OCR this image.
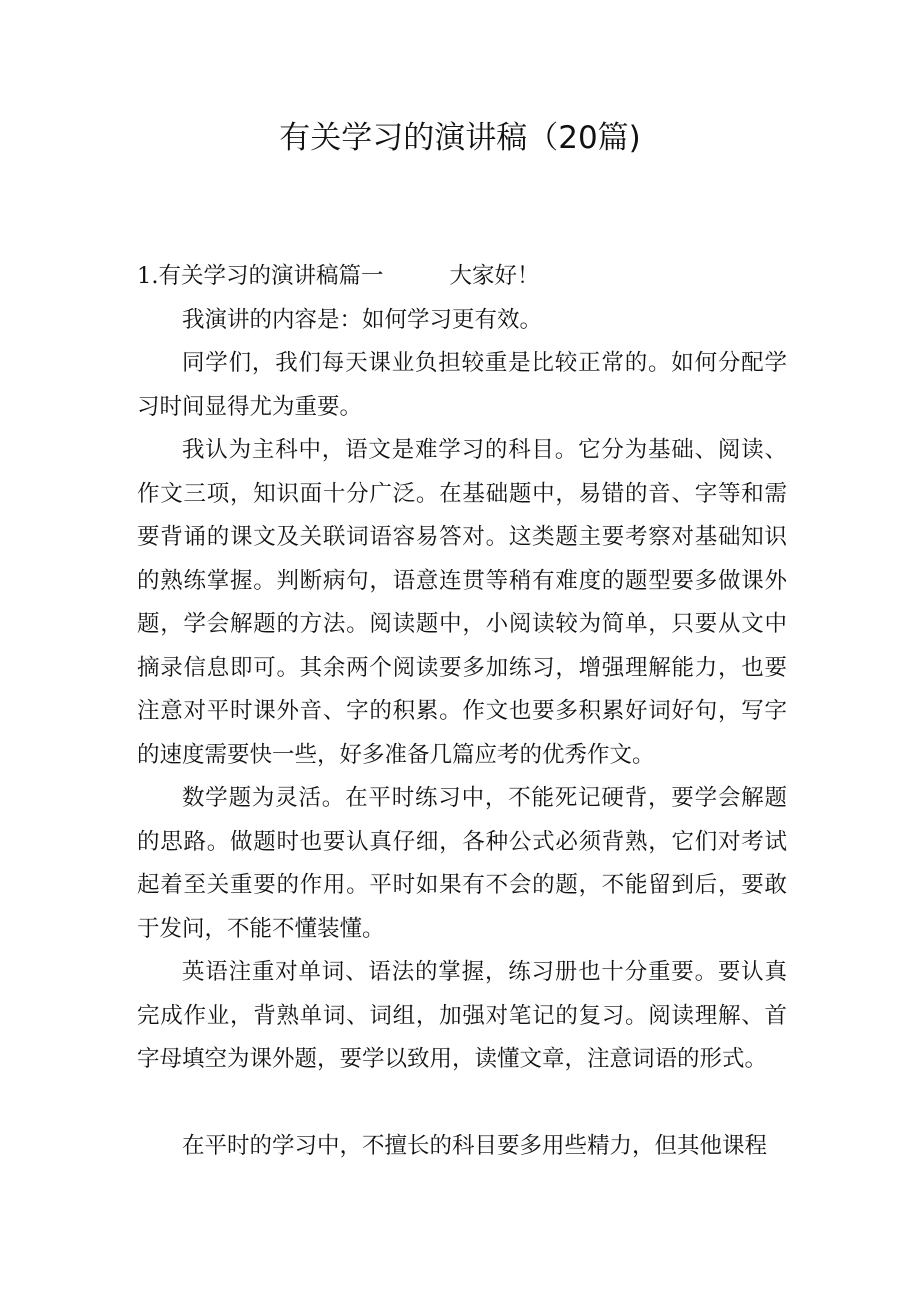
有关学习的演讲稿（20篇)

1.有关学习的演讲稿篇一	大家好！

我演讲的内容是：如何学习更有效。

同学们，我们每天课业负担较重是比较正常的。如何分配学习时间显得尤为重要。

我认为主科中，语文是难学习的科目。它分为基础、阅读、作文三项，知识面十分广泛。在基础题中，易错的音、字等和需要背诵的课文及关联词语容易答对。这类题主要考察对基础知识的熟练掌握。判断病句，语意连贯等稍有难度的题型要多做课外题，学会解题的方法。阅读题中，小阅读较为简单，只要从文中摘录信息即可。其余两个阅读要多加练习，增强理解能力，也要注意对平时课外音、字的积累。作文也要多积累好词好句，写字的速度需要快一些，好多准备几篇应考的优秀作文。

数学题为灵活。在平时练习中，不能死记硬背，要学会解题的思路。做题时也要认真仔细，各种公式必须背熟，它们对考试起着至关重要的作用。平时如果有不会的题，不能留到后，要敢于发问，不能不懂装懂。

英语注重对单词、语法的掌握，练习册也十分重要。要认真完成作业，背熟单词、词组，加强对笔记的复习。阅读理解、首字母填空为课外题，要学以致用，读懂文章，注意词语的形式。

在平时的学习中，不擅长的科目要多用些精力，但其他课程
